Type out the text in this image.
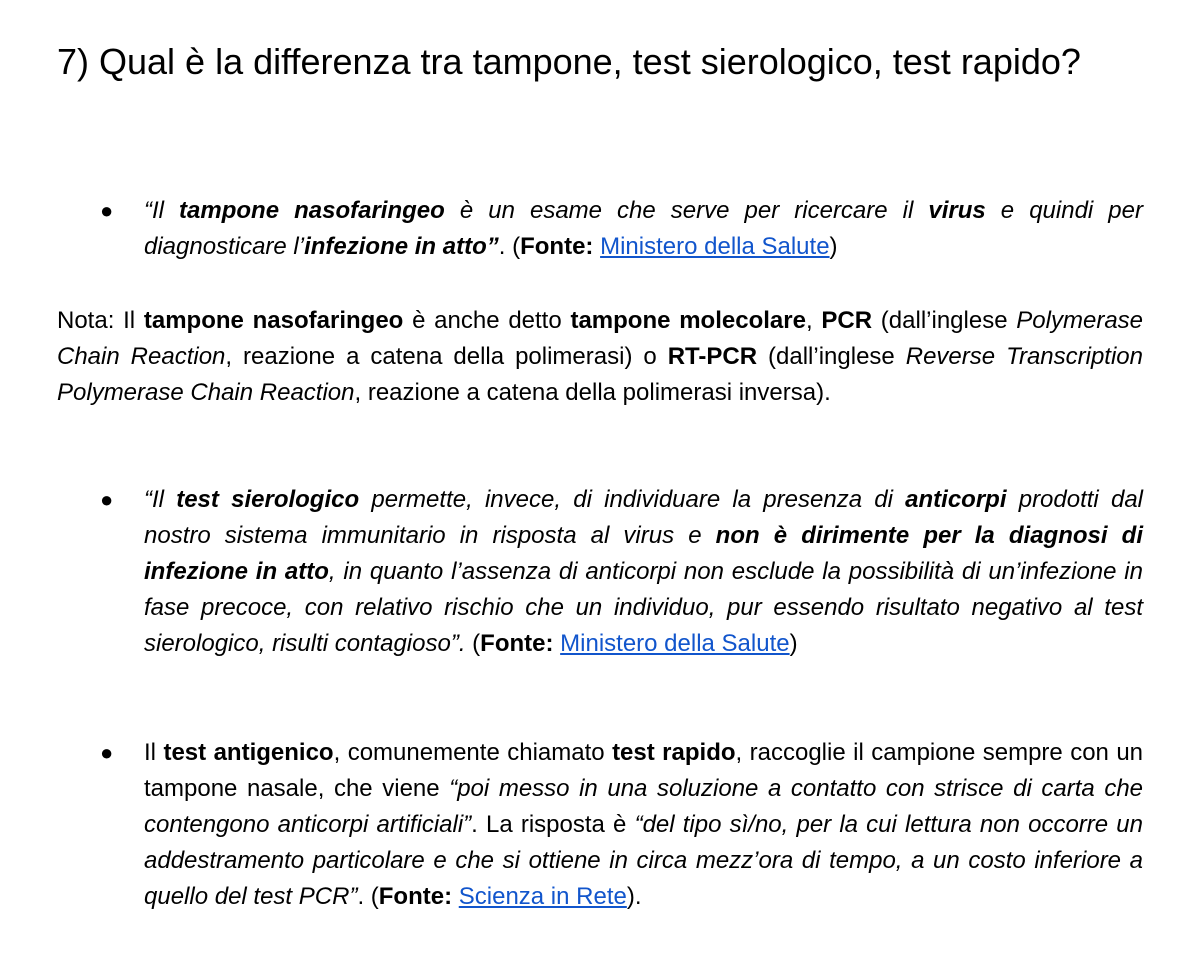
7) Qual è la differenza tra tampone, test sierologico, test rapido?
● “Il tampone nasofaringeo è un esame che serve per ricercare il virus e quindi per diagnosticare l’infezione in atto”. (Fonte: Ministero della Salute)

Nota: Il tampone nasofaringeo è anche detto tampone molecolare, PCR (dall’inglese Polymerase Chain Reaction, reazione a catena della polimerasi) o RT-PCR (dall’inglese Reverse Transcription Polymerase Chain Reaction, reazione a catena della polimerasi inversa).

● “Il test sierologico permette, invece, di individuare la presenza di anticorpi prodotti dal nostro sistema immunitario in risposta al virus e non è dirimente per la diagnosi di infezione in atto, in quanto l’assenza di anticorpi non esclude la possibilità di un’infezione in fase precoce, con relativo rischio che un individuo, pur essendo risultato negativo al test sierologico, risulti contagioso”. (Fonte: Ministero della Salute)

● Il test antigenico, comunemente chiamato test rapido, raccoglie il campione sempre con un tampone nasale, che viene “poi messo in una soluzione a contatto con strisce di carta che contengono anticorpi artificiali”. La risposta è “del tipo sì/no, per la cui lettura non occorre un addestramento particolare e che si ottiene in circa mezz’ora di tempo, a un costo inferiore a quello del test PCR”. (Fonte: Scienza in Rete).
